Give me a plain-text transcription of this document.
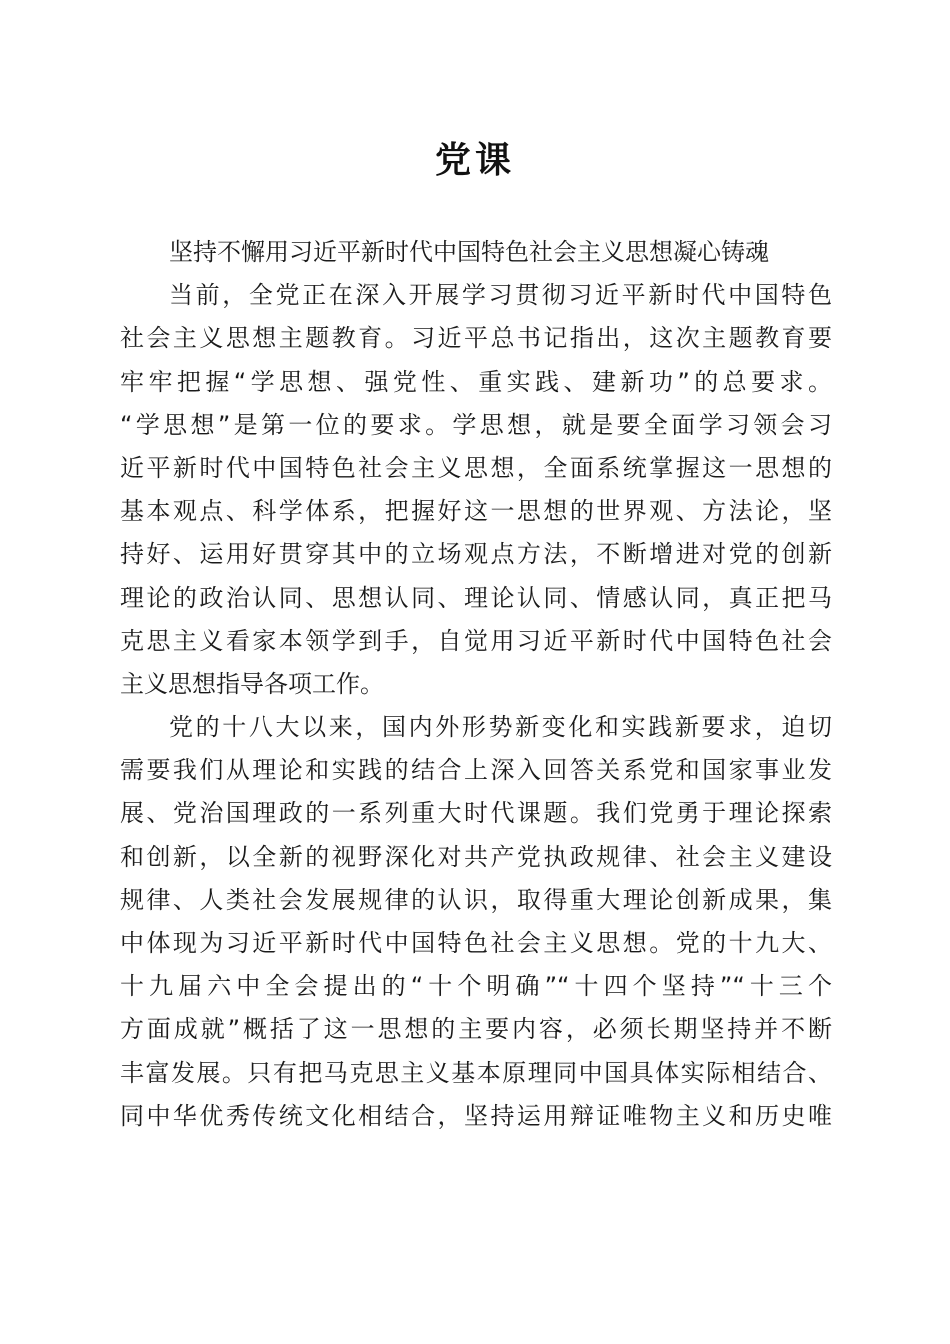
党课
坚持不懈用习近平新时代中国特色社会主义思想凝心铸魂
当前，全党正在深入开展学习贯彻习近平新时代中国特色
社会主义思想主题教育。习近平总书记指出，这次主题教育要
牢牢把握“学思想、强党性、重实践、建新功”的总要求。
“学思想”是第一位的要求。学思想，就是要全面学习领会习
近平新时代中国特色社会主义思想，全面系统掌握这一思想的
基本观点、科学体系，把握好这一思想的世界观、方法论，坚
持好、运用好贯穿其中的立场观点方法，不断增进对党的创新
理论的政治认同、思想认同、理论认同、情感认同，真正把马
克思主义看家本领学到手，自觉用习近平新时代中国特色社会
主义思想指导各项工作。
党的十八大以来，国内外形势新变化和实践新要求，迫切
需要我们从理论和实践的结合上深入回答关系党和国家事业发
展、党治国理政的一系列重大时代课题。我们党勇于理论探索
和创新，以全新的视野深化对共产党执政规律、社会主义建设
规律、人类社会发展规律的认识，取得重大理论创新成果，集
中体现为习近平新时代中国特色社会主义思想。党的十九大、
十九届六中全会提出的“十个明确”“十四个坚持”“十三个
方面成就”概括了这一思想的主要内容，必须长期坚持并不断
丰富发展。只有把马克思主义基本原理同中国具体实际相结合、
同中华优秀传统文化相结合，坚持运用辩证唯物主义和历史唯
